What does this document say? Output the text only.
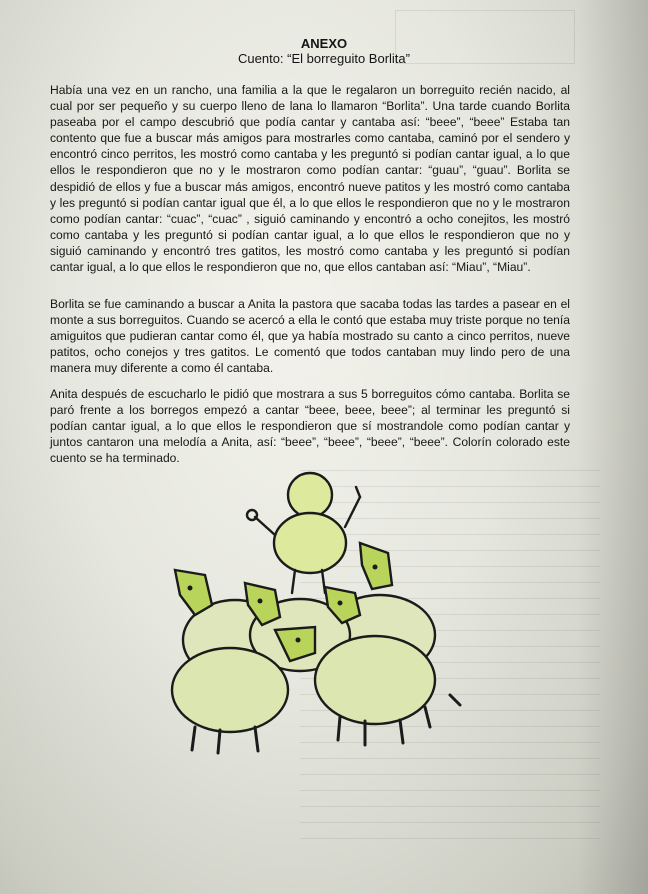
ANEXO
Cuento: “El borreguito Borlita”
Había una vez en un rancho, una familia a la que le regalaron un borreguito recién nacido, al cual por ser pequeño y su cuerpo lleno de lana lo llamaron “Borlita”. Una tarde cuando Borlita paseaba por el campo descubrió que podía cantar y cantaba así: “beee”, “beee” Estaba tan contento que fue a buscar más amigos para mostrarles como cantaba, caminó por el sendero y encontró cinco perritos, les mostró como cantaba y les preguntó si podían cantar igual, a lo que ellos le respondieron que no y le mostraron como podían cantar: “guau”, “guau”. Borlita se despidió de ellos y fue a buscar más amigos, encontró nueve patitos y les mostró como cantaba y les preguntó si podían cantar igual que él, a lo que ellos le respondieron que no y le mostraron como podían cantar: “cuac”, “cuac” , siguió caminando y encontró a ocho conejitos, les mostró como cantaba y les preguntó si podían cantar igual, a lo que ellos le respondieron que no y siguió caminando y encontró tres gatitos, les mostró como cantaba y les preguntó si podían cantar igual, a lo que ellos le respondieron que no, que ellos cantaban así: “Miau”, “Miau”.
Borlita se fue caminando a buscar a Anita la pastora que sacaba todas las tardes a pasear en el monte a sus borreguitos. Cuando se acercó a ella le contó que estaba muy triste porque no tenía amiguitos que pudieran cantar como él, que ya había mostrado su canto a cinco perritos, nueve patitos, ocho conejos y tres gatitos. Le comentó que todos cantaban muy lindo pero de una manera muy diferente a como él cantaba.
Anita después de escucharlo le pidió que mostrara a sus 5 borreguitos cómo cantaba. Borlita se paró frente a los borregos empezó a cantar “beee, beee, beee”; al terminar les preguntó si podían cantar igual, a lo que ellos le respondieron que sí mostrandole como podían cantar y juntos cantaron una melodía a Anita, así: “beee”, “beee”, “beee”, “beee”. Colorín colorado este cuento se ha terminado.
